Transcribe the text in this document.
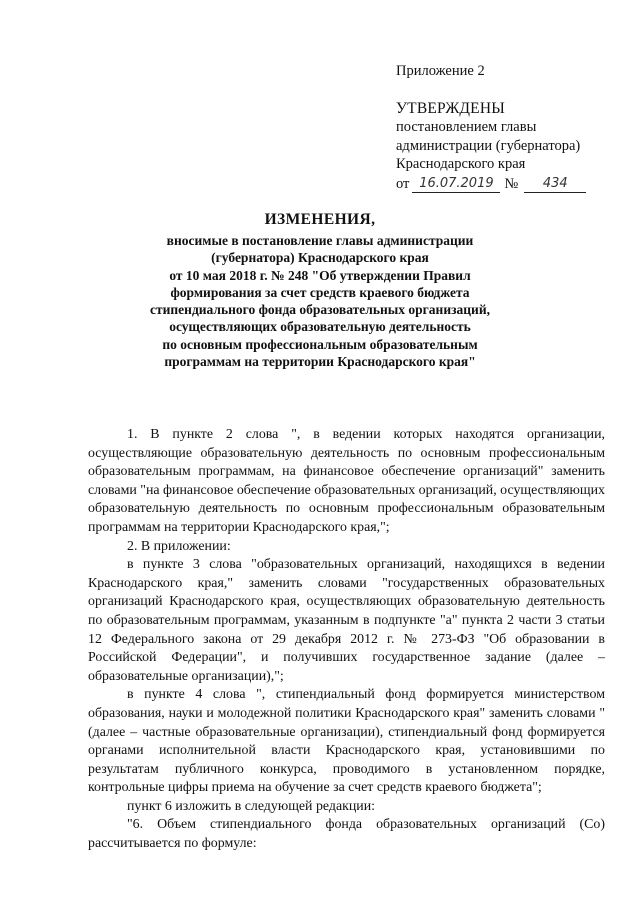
Приложение 2
УТВЕРЖДЕНЫ
постановлением главы
администрации (губернатора)
Краснодарского края
от 16.07.2019 №	434
ИЗМЕНЕНИЯ,
вносимые в постановление главы администрации
(губернатора) Краснодарского края
от 10 мая 2018 г. № 248 "Об утверждении Правил
формирования за счет средств краевого бюджета
стипендиального фонда образовательных организаций,
осуществляющих образовательную деятельность
по основным профессиональным образовательным
программам на территории Краснодарского края"

1. В пункте 2 слова ", в ведении которых находятся организации, осуществляющие образовательную деятельность по основным профессиональным образовательным программам, на финансовое обеспечение организаций" заменить словами "на финансовое обеспечение образовательных организаций, осуществляющих образовательную деятельность по основным профессиональным образовательным программам на территории Краснодарского края,";

2. В приложении:

в пункте 3 слова "образовательных организаций, находящихся в ведении Краснодарского края," заменить словами "государственных образовательных организаций Краснодарского края, осуществляющих образовательную деятельность по образовательным программам, указанным в подпункте "а" пункта 2 части 3 статьи 12 Федерального закона от 29 декабря 2012 г. № 273-ФЗ "Об образовании в Российской Федерации", и получивших государственное задание (далее – образовательные организации),";

в пункте 4 слова ", стипендиальный фонд формируется министерством образования, науки и молодежной политики Краснодарского края" заменить словами "(далее – частные образовательные организации), стипендиальный фонд формируется органами исполнительной власти Краснодарского края, установившими по результатам публичного конкурса, проводимого в установленном порядке, контрольные цифры приема на обучение за счет средств краевого бюджета";

пункт 6 изложить в следующей редакции:

"6. Объем стипендиального фонда образовательных организаций (Сo) рассчитывается по формуле:
